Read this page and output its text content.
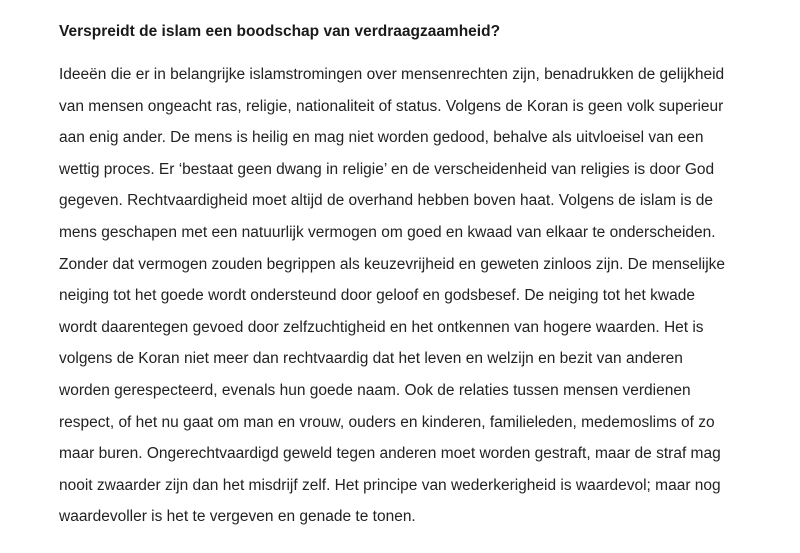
Verspreidt de islam een boodschap van verdraagzaamheid?

Ideeën die er in belangrijke islamstromingen over mensenrechten zijn, benadrukken de gelijkheid
van mensen ongeacht ras, religie, nationaliteit of status. Volgens de Koran is geen volk superieur
aan enig ander. De mens is heilig en mag niet worden gedood, behalve als uitvloeisel van een
wettig proces. Er ‘bestaat geen dwang in religie’ en de verscheidenheid van religies is door God
gegeven. Rechtvaardigheid moet altijd de overhand hebben boven haat. Volgens de islam is de
mens geschapen met een natuurlijk vermogen om goed en kwaad van elkaar te onderscheiden.
Zonder dat vermogen zouden begrippen als keuzevrijheid en geweten zinloos zijn. De menselijke
neiging tot het goede wordt ondersteund door geloof en godsbesef. De neiging tot het kwade
wordt daarentegen gevoed door zelfzuchtigheid en het ontkennen van hogere waarden. Het is
volgens de Koran niet meer dan rechtvaardig dat het leven en welzijn en bezit van anderen
worden gerespecteerd, evenals hun goede naam. Ook de relaties tussen mensen verdienen
respect, of het nu gaat om man en vrouw, ouders en kinderen, familieleden, medemoslims of zo
maar buren. Ongerechtvaardigd geweld tegen anderen moet worden gestraft, maar de straf mag
nooit zwaarder zijn dan het misdrijf zelf. Het principe van wederkerigheid is waardevol; maar nog
waardevoller is het te vergeven en genade te tonen.
